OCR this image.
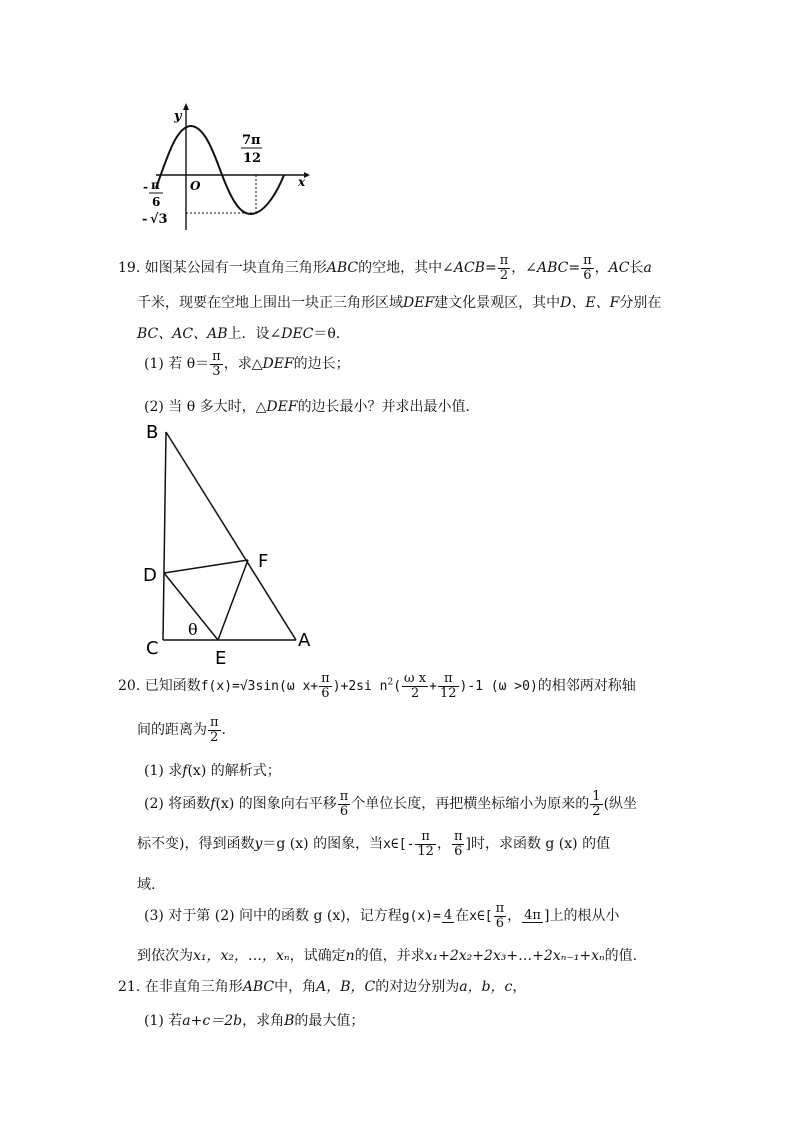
y
x
O
- π
6
7π
12
- √3
19. 如图某公园有一块直角三角形ABC的空地，其中∠ACB= $\frac{\pi}{2}$ ，∠ABC= $\frac{\pi}{6}$ ，AC长a
千米，现要在空地上围出一块正三角形区域DEF建文化景观区，其中D、E、F分别在
BC、AC、AB上．设∠DEC＝θ.
(1) 若 $\theta= \frac{\pi}{3}$ ，求△DEF的边长；
(2) 当 θ 多大时，△DEF的边长最小？并求出最小值.
B
D
F
C	E
A
θ
20. 已知函数f(x)=√3sin(ω $x+ \frac{\pi}{6} )+2si$ $n^2( \frac{\text{ω x}}{2} + \frac{\pi}{12} )-1$ (ω >0)的相邻两对称轴
间的距离为 $\frac{\pi}{2}$ .
(1) 求f(x) 的解析式；
(2) 将函数f(x) 的图象向右平移 $\frac{\pi}{6}$ 个单位长度，再把横坐标缩小为原来的 $\frac{1}{2}$ (纵坐
标不变)，得到函数y＝g (x) 的图象，当x∈[- $\frac{\pi}{12}$ ， $\frac{\pi}{6}$ ]时，求函数 g (x) 的值
域.
(3) 对于第 (2) 问中的函数 g (x)，记方程g(x)= 4 在x∈[ $\frac{\pi}{6}$ ， 4π ]上的根从小
到依次为x₁，x₂，…，xₙ，试确定n的值，并求x₁+2x₂+2x₃+…+2xₙ₋₁+xₙ的值.
21. 在非直角三角形ABC中，角A，B，C的对边分别为a，b，c，
(1) 若a+c＝2b，求角B的最大值；
